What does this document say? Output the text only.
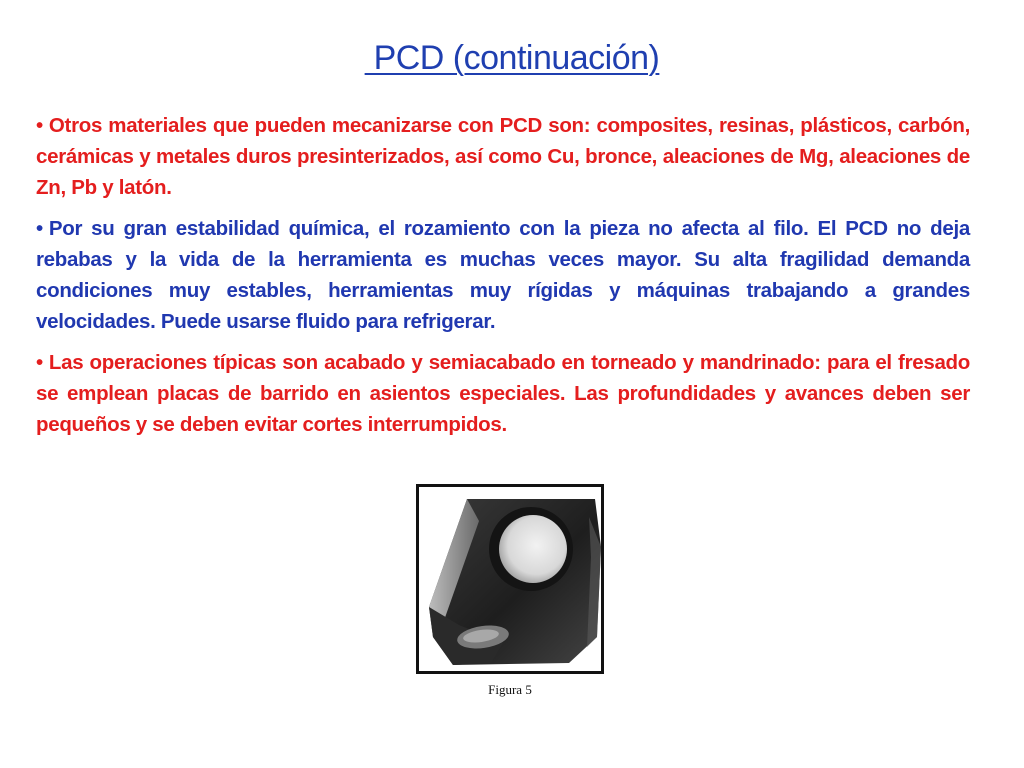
PCD (continuación)

• Otros materiales que pueden mecanizarse con PCD son: composites, resinas, plásticos, carbón, cerámicas y metales duros presinterizados, así como Cu, bronce, aleaciones de Mg, aleaciones de Zn, Pb y latón.

• Por su gran estabilidad química, el rozamiento con la pieza no afecta al filo. El PCD no deja rebabas y la vida de la herramienta es muchas veces mayor. Su alta fragilidad demanda condiciones muy estables, herramientas muy rígidas y máquinas trabajando a grandes velocidades. Puede usarse fluido para refrigerar.

• Las operaciones típicas son acabado y semiacabado en torneado y mandrinado: para el fresado se emplean placas de barrido en asientos especiales. Las profundidades y avances deben ser pequeños y se deben evitar cortes interrumpidos.

Figura 5
